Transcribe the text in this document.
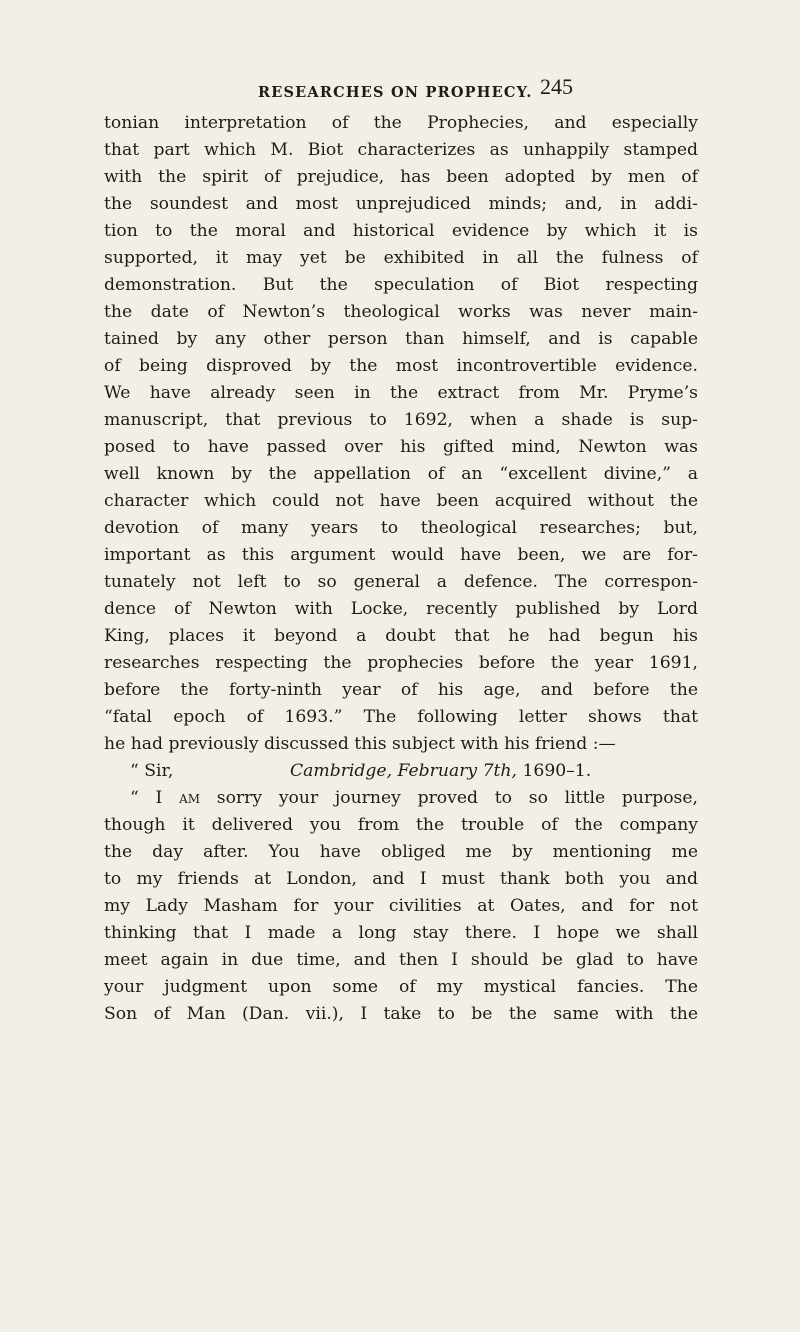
RESEARCHES ON PROPHECY. 245

tonian interpretation of the Prophecies, and especially
that part which M. Biot characterizes as unhappily stamped
with the spirit of prejudice, has been adopted by men of
the soundest and most unprejudiced minds; and, in addi-
tion to the moral and historical evidence by which it is
supported, it may yet be exhibited in all the fulness of
demonstration. But the speculation of Biot respecting
the date of Newton’s theological works was never main-
tained by any other person than himself, and is capable
of being disproved by the most incontrovertible evidence.
We have already seen in the extract from Mr. Pryme’s
manuscript, that previous to 1692, when a shade is sup-
posed to have passed over his gifted mind, Newton was
well known by the appellation of an “excellent divine,” a
character which could not have been acquired without the
devotion of many years to theological researches; but,
important as this argument would have been, we are for-
tunately not left to so general a defence. The correspon-
dence of Newton with Locke, recently published by Lord
King, places it beyond a doubt that he had begun his
researches respecting the prophecies before the year 1691,
before the forty-ninth year of his age, and before the
“fatal epoch of 1693.” The following letter shows that
he had previously discussed this subject with his friend :—

“ Sir,	Cambridge, February 7th, 1690–1.

“ I am sorry your journey proved to so little purpose,
though it delivered you from the trouble of the company
the day after. You have obliged me by mentioning me
to my friends at London, and I must thank both you and
my Lady Masham for your civilities at Oates, and for not
thinking that I made a long stay there. I hope we shall
meet again in due time, and then I should be glad to have
your judgment upon some of my mystical fancies. The
Son of Man (Dan. vii.), I take to be the same with the
